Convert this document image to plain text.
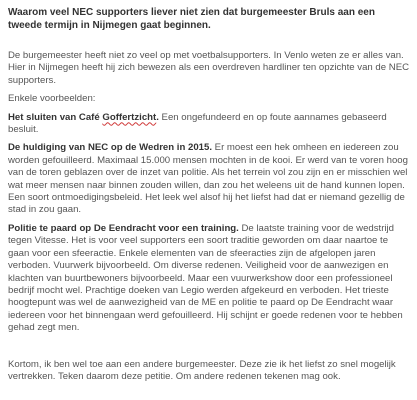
Waarom veel NEC supporters liever niet zien dat burgemeester Bruls aan een tweede termijn in Nijmegen gaat beginnen.

De burgemeester heeft niet zo veel op met voetbalsupporters. In Venlo weten ze er alles van. Hier in Nijmegen heeft hij zich bewezen als een overdreven hardliner ten opzichte van de NEC supporters.

Enkele voorbeelden:

Het sluiten van Café Goffertzicht. Een ongefundeerd en op foute aannames gebaseerd besluit.

De huldiging van NEC op de Wedren in 2015. Er moest een hek omheen en iedereen zou worden gefouilleerd. Maximaal 15.000 mensen mochten in de kooi. Er werd van te voren hoog van de toren geblazen over de inzet van politie. Als het terrein vol zou zijn en er misschien wel wat meer mensen naar binnen zouden willen, dan zou het weleens uit de hand kunnen lopen. Een soort ontmoedigingsbeleid. Het leek wel alsof hij het liefst had dat er niemand gezellig de stad in zou gaan.

Politie te paard op De Eendracht voor een training. De laatste training voor de wedstrijd tegen Vitesse. Het is voor veel supporters een soort traditie geworden om daar naartoe te gaan voor een sfeeractie. Enkele elementen van de sfeeracties zijn de afgelopen jaren verboden. Vuurwerk bijvoorbeeld. Om diverse redenen. Veiligheid voor de aanwezigen en klachten van buurtbewoners bijvoorbeeld. Maar een vuurwerkshow door een professioneel bedrijf mocht wel. Prachtige doeken van Legio werden afgekeurd en verboden. Het trieste hoogtepunt was wel de aanwezigheid van de ME en politie te paard op De Eendracht waar iedereen voor het binnengaan werd gefouilleerd. Hij schijnt er goede redenen voor te hebben gehad zegt men.

Kortom, ik ben wel toe aan een andere burgemeester. Deze zie ik het liefst zo snel mogelijk vertrekken. Teken daarom deze petitie. Om andere redenen tekenen mag ook.
